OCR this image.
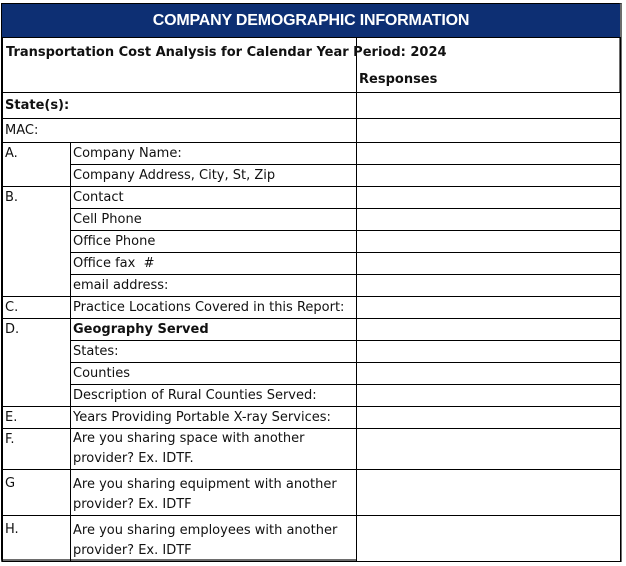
COMPANY DEMOGRAPHIC INFORMATION
Transportation Cost Analysis for Calendar Year Period: 2024		Responses
State(s):		
MAC:		
A.	Company Name:	
	Company Address, City, St, Zip	
B.	Contact	
	Cell Phone	
	Office Phone	
	Office fax  #	
	email address:	
C.	Practice Locations Covered in this Report:	
D.	Geography Served	
	States:	
	Counties	
	Description of Rural Counties Served:	
E.	Years Providing Portable X-ray Services:	
F.	Are you sharing space with another provider? Ex. IDTF.	
G	Are you sharing equipment with another provider? Ex. IDTF	
H.	Are you sharing employees with another provider? Ex. IDTF	
